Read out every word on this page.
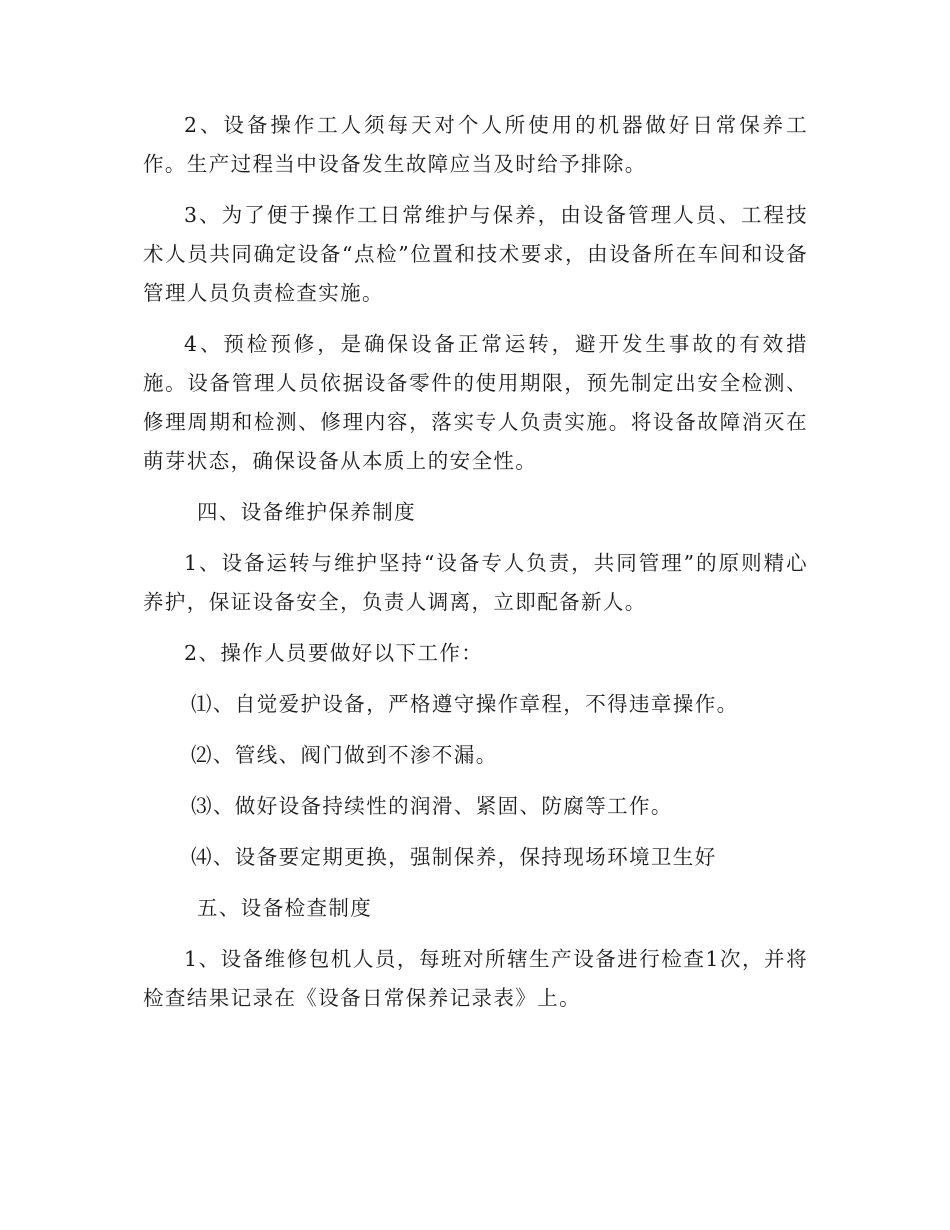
2、设备操作工人须每天对个人所使用的机器做好日常保养工作。生产过程当中设备发生故障应当及时给予排除。

3、为了便于操作工日常维护与保养，由设备管理人员、工程技术人员共同确定设备“点检”位置和技术要求，由设备所在车间和设备管理人员负责检查实施。

4、预检预修，是确保设备正常运转，避开发生事故的有效措施。设备管理人员依据设备零件的使用期限，预先制定出安全检测、修理周期和检测、修理内容，落实专人负责实施。将设备故障消灭在萌芽状态，确保设备从本质上的安全性。

四、设备维护保养制度

1、设备运转与维护坚持“设备专人负责，共同管理”的原则精心养护，保证设备安全，负责人调离，立即配备新人。

2、操作人员要做好以下工作：

⑴、自觉爱护设备，严格遵守操作章程，不得违章操作。

⑵、管线、阀门做到不渗不漏。

⑶、做好设备持续性的润滑、紧固、防腐等工作。

⑷、设备要定期更换，强制保养，保持现场环境卫生好

五、设备检查制度

1、设备维修包机人员，每班对所辖生产设备进行检查1次，并将检查结果记录在《设备日常保养记录表》上。
